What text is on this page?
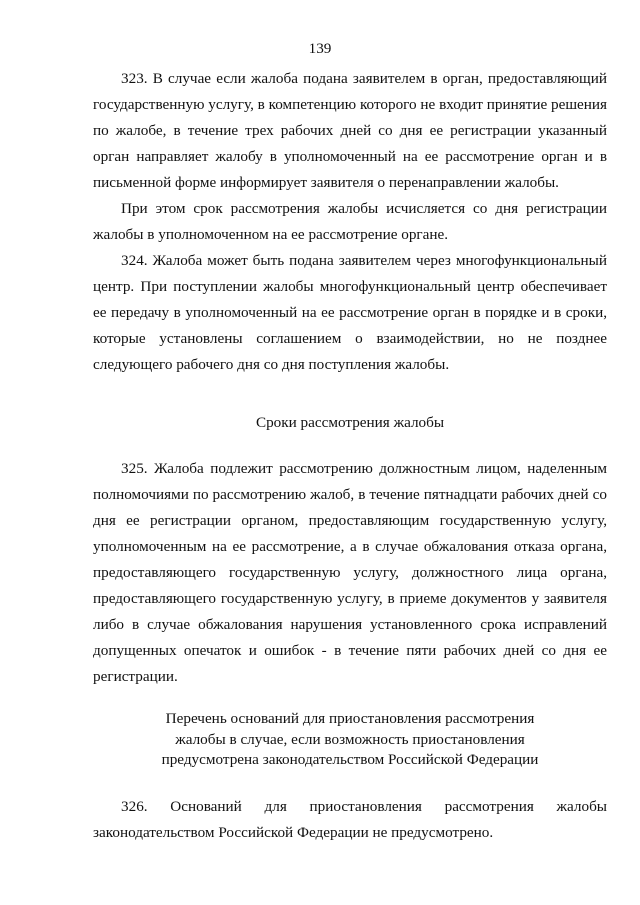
139

323. В случае если жалоба подана заявителем в орган, предоставляющий государственную услугу, в компетенцию которого не входит принятие решения по жалобе, в течение трех рабочих дней со дня ее регистрации указанный орган направляет жалобу в уполномоченный на ее рассмотрение орган и в письменной форме информирует заявителя о перенаправлении жалобы.

При этом срок рассмотрения жалобы исчисляется со дня регистрации жалобы в уполномоченном на ее рассмотрение органе.

324. Жалоба может быть подана заявителем через многофункциональный центр. При поступлении жалобы многофункциональный центр обеспечивает ее передачу в уполномоченный на ее рассмотрение орган в порядке и в сроки, которые установлены соглашением о взаимодействии, но не позднее следующего рабочего дня со дня поступления жалобы.

Сроки рассмотрения жалобы

325. Жалоба подлежит рассмотрению должностным лицом, наделенным полномочиями по рассмотрению жалоб, в течение пятнадцати рабочих дней со дня ее регистрации органом, предоставляющим государственную услугу, уполномоченным на ее рассмотрение, а в случае обжалования отказа органа, предоставляющего государственную услугу, должностного лица органа, предоставляющего государственную услугу, в приеме документов у заявителя либо в случае обжалования нарушения установленного срока исправлений допущенных опечаток и ошибок - в течение пяти рабочих дней со дня ее регистрации.

Перечень оснований для приостановления рассмотрения
жалобы в случае, если возможность приостановления
предусмотрена законодательством Российской Федерации

326. Оснований для приостановления рассмотрения жалобы законодательством Российской Федерации не предусмотрено.
